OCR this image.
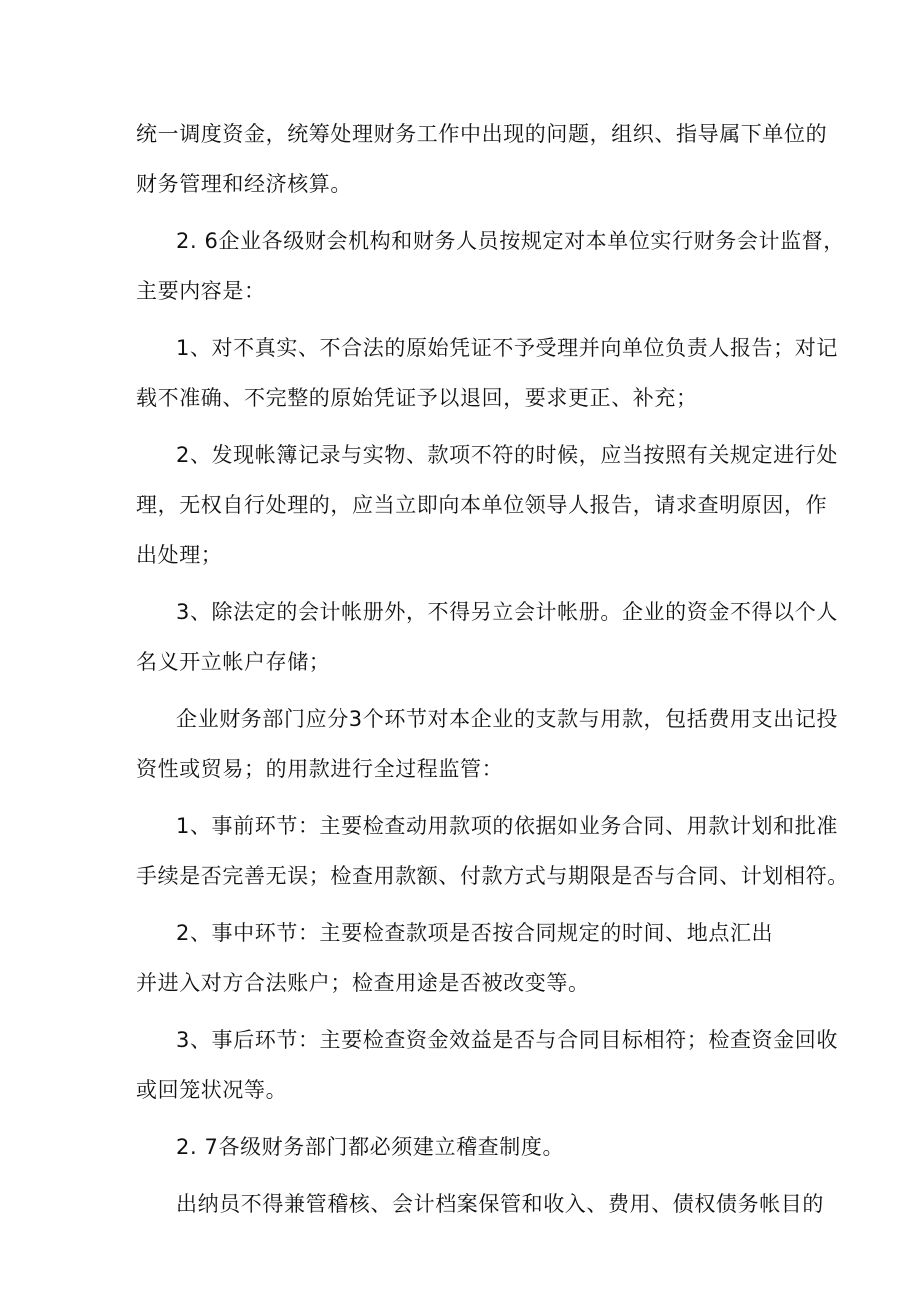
统一调度资金，统筹处理财务工作中出现的问题，组织、指导属下单位的
财务管理和经济核算。
2. 6企业各级财会机构和财务人员按规定对本单位实行财务会计监督，
主要内容是：
1、对不真实、不合法的原始凭证不予受理并向单位负责人报告；对记
载不准确、不完整的原始凭证予以退回，要求更正、补充；
2、发现帐簿记录与实物、款项不符的时候，应当按照有关规定进行处
理，无权自行处理的，应当立即向本单位领导人报告，请求查明原因，作
出处理；
3、除法定的会计帐册外，不得另立会计帐册。企业的资金不得以个人
名义开立帐户存储；
企业财务部门应分3个环节对本企业的支款与用款，包括费用支出记投
资性或贸易；的用款进行全过程监管：
1、事前环节：主要检查动用款项的依据如业务合同、用款计划和批准
手续是否完善无误；检查用款额、付款方式与期限是否与合同、计划相符。
2、事中环节：主要检查款项是否按合同规定的时间、地点汇出
并进入对方合法账户；检查用途是否被改变等。
3、事后环节：主要检查资金效益是否与合同目标相符；检查资金回收
或回笼状况等。
2. 7各级财务部门都必须建立稽查制度。
出纳员不得兼管稽核、会计档案保管和收入、费用、债权债务帐目的
